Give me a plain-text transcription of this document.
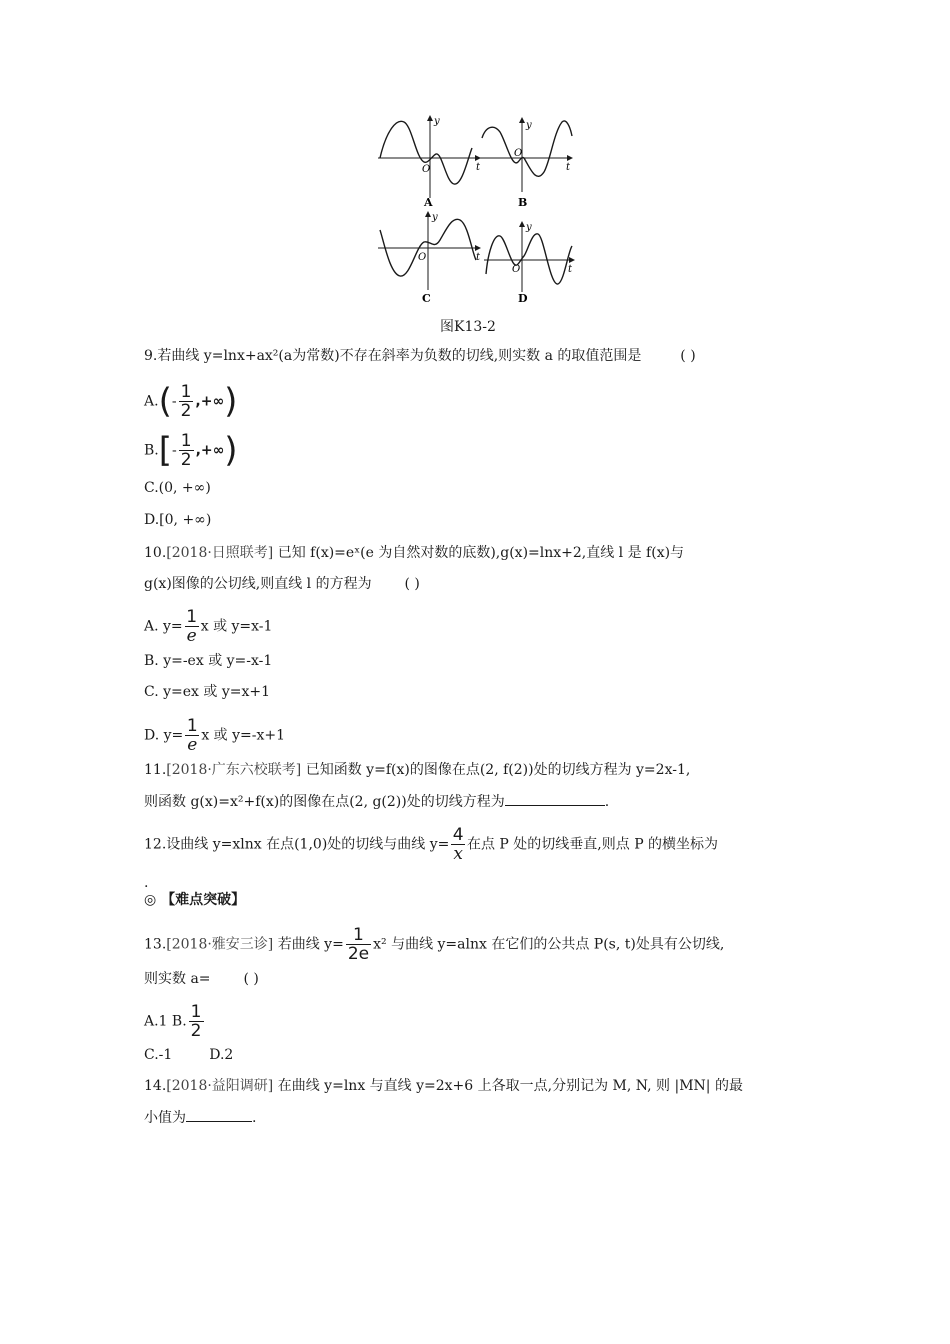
y
t
O
A
y
t
O
B
y
t
O
C
y
t
O
D
图K13-2
9.若曲线 y=lnx+ax²(a为常数)不存在斜率为负数的切线,则实数 a 的取值范围是	( )
$A.(- \frac{1}{2}$ ,+∞)
$B.[- \frac{1}{2}$ ,+∞)
C.(0, +∞)
D.[0, +∞)
10.[2018·日照联考] 已知 f(x)=eˣ(e 为自然对数的底数),g(x)=lnx+2,直线 l 是 f(x)与
g(x)图像的公切线,则直线 l 的方程为 ( )
A. $y= \frac{1}{e}$ x 或 y=x-1
B. y=-ex 或 y=-x-1
C. y=ex 或 y=x+1
D. $y= \frac{1}{e}$ x 或 y=-x+1
11.[2018·广东六校联考] 已知函数 y=f(x)的图像在点(2, f(2))处的切线方程为 y=2x-1,
则函数 g(x)=x²+f(x)的图像在点(2, g(2))处的切线方程为	.
12.设曲线 y=xlnx 在点(1,0)处的切线与曲线 $y= \frac{4}{x}$ 在点 P 处的切线垂直,则点 P 的横坐标为
.
◎ 【难点突破】
13.[2018·雅安三诊] 若曲线 $y= \frac{1}{2e} x^2$ 与曲线 y=alnx 在它们的公共点 P(s, t)处具有公切线,
则实数 a= ( )
A.1 B. $\frac{1}{2}$
C.-1	D.2
14.[2018·益阳调研] 在曲线 y=lnx 与直线 y=2x+6 上各取一点,分别记为 M, N, 则 |MN| 的最
小值为	.
